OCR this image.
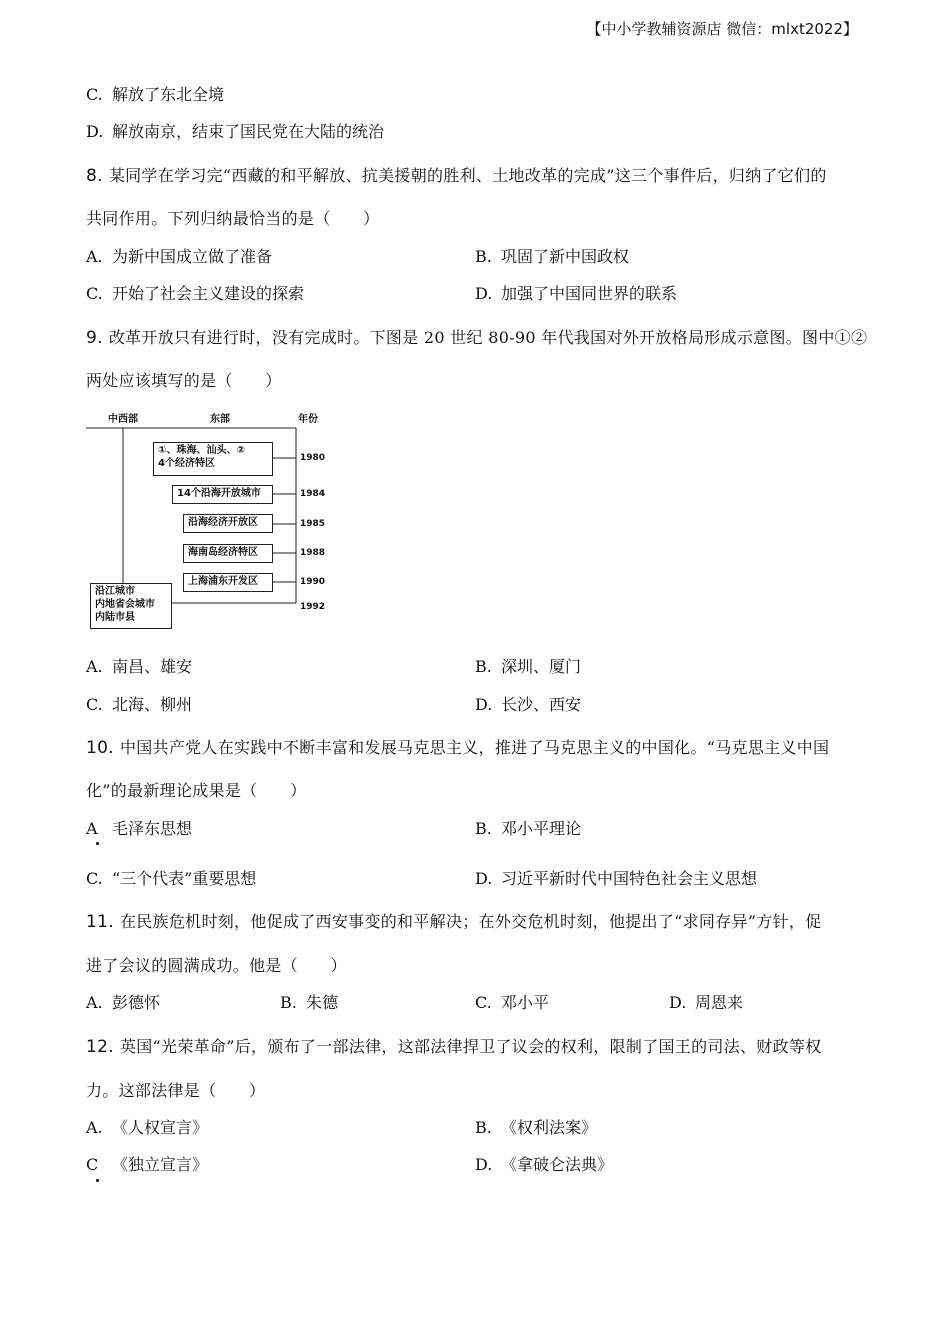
【中小学教辅资源店 微信：mlxt2022】
C. 解放了东北全境
D. 解放南京，结束了国民党在大陆的统治
8. 某同学在学习完“西藏的和平解放、抗美援朝的胜利、土地改革的完成”这三个事件后，归纳了它们的
共同作用。下列归纳最恰当的是（　　）
A. 为新中国成立做了准备	B. 巩固了新中国政权
C. 开始了社会主义建设的探索	D. 加强了中国同世界的联系
9. 改革开放只有进行时，没有完成时。下图是 20 世纪 80-90 年代我国对外开放格局形成示意图。图中①②
两处应该填写的是（　　）
中西部	东部	年份
①、珠海、汕头、②
4个经济特区
14个沿海开放城市
沿海经济开放区
海南岛经济特区
上海浦东开发区
沿江城市
内地省会城市
内陆市县
1980
1984
1985
1988
1990
1992
A. 南昌、雄安	B. 深圳、厦门
C. 北海、柳州	D. 长沙、西安
10. 中国共产党人在实践中不断丰富和发展马克思主义，推进了马克思主义的中国化。“马克思主义中国
化”的最新理论成果是（　　）
A 毛泽东思想	B. 邓小平理论
C. “三个代表”重要思想	D. 习近平新时代中国特色社会主义思想
11. 在民族危机时刻，他促成了西安事变的和平解决；在外交危机时刻，他提出了“求同存异”方针，促
进了会议的圆满成功。他是（　　）
A. 彭德怀	B. 朱德	C. 邓小平	D. 周恩来
12. 英国“光荣革命”后，颁布了一部法律，这部法律捍卫了议会的权利，限制了国王的司法、财政等权
力。这部法律是（　　）
A. 《人权宣言》	B. 《权利法案》
C 《独立宣言》	D. 《拿破仑法典》
